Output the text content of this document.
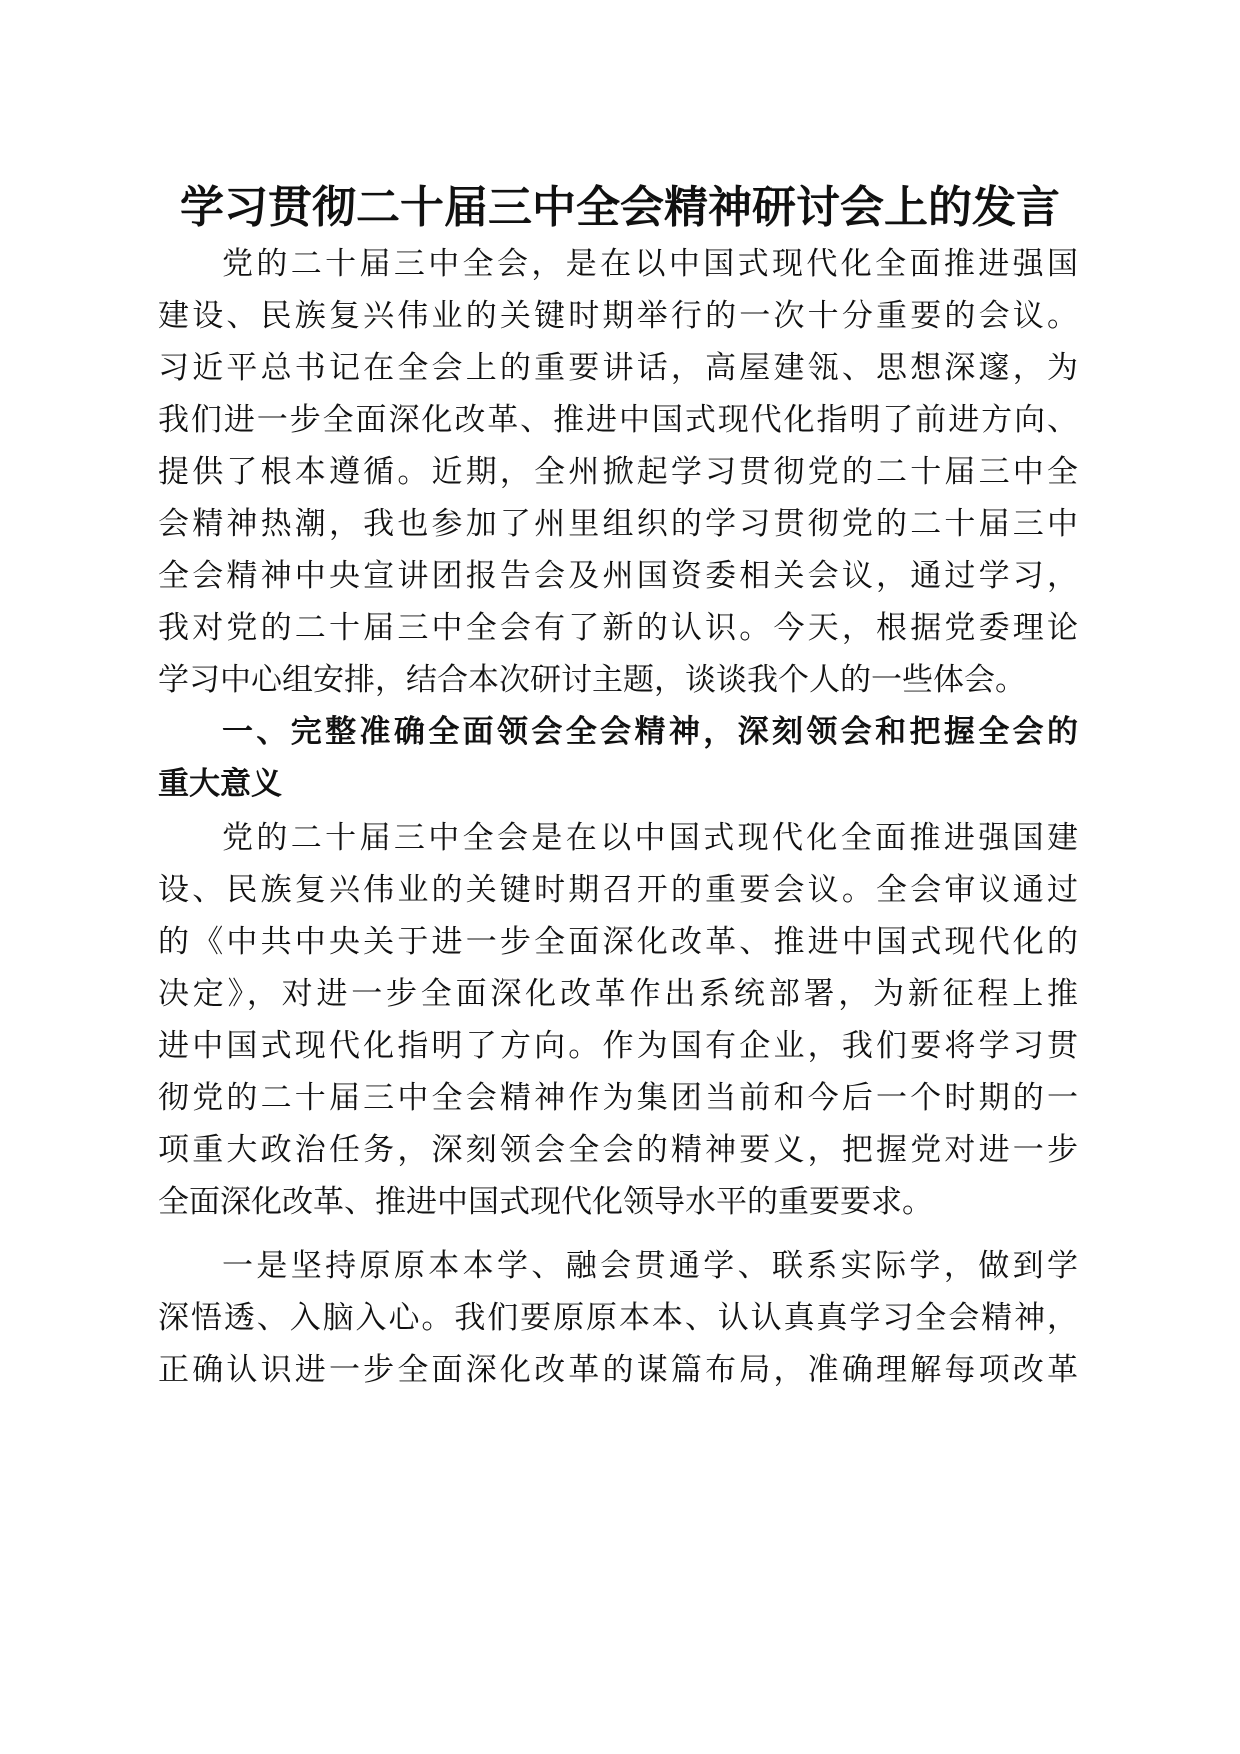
学习贯彻二十届三中全会精神研讨会上的发言

党的二十届三中全会，是在以中国式现代化全面推进强国

建设、民族复兴伟业的关键时期举行的一次十分重要的会议。

习近平总书记在全会上的重要讲话，高屋建瓴、思想深邃，为

我们进一步全面深化改革、推进中国式现代化指明了前进方向、

提供了根本遵循。近期，全州掀起学习贯彻党的二十届三中全

会精神热潮，我也参加了州里组织的学习贯彻党的二十届三中

全会精神中央宣讲团报告会及州国资委相关会议，通过学习，

我对党的二十届三中全会有了新的认识。今天，根据党委理论

学习中心组安排，结合本次研讨主题，谈谈我个人的一些体会。

一、完整准确全面领会全会精神，深刻领会和把握全会的

重大意义

党的二十届三中全会是在以中国式现代化全面推进强国建

设、民族复兴伟业的关键时期召开的重要会议。全会审议通过

的《中共中央关于进一步全面深化改革、推进中国式现代化的

决定》，对进一步全面深化改革作出系统部署，为新征程上推

进中国式现代化指明了方向。作为国有企业，我们要将学习贯

彻党的二十届三中全会精神作为集团当前和今后一个时期的一

项重大政治任务，深刻领会全会的精神要义，把握党对进一步

全面深化改革、推进中国式现代化领导水平的重要要求。

一是坚持原原本本学、融会贯通学、联系实际学，做到学

深悟透、入脑入心。我们要原原本本、认认真真学习全会精神，

正确认识进一步全面深化改革的谋篇布局，准确理解每项改革
